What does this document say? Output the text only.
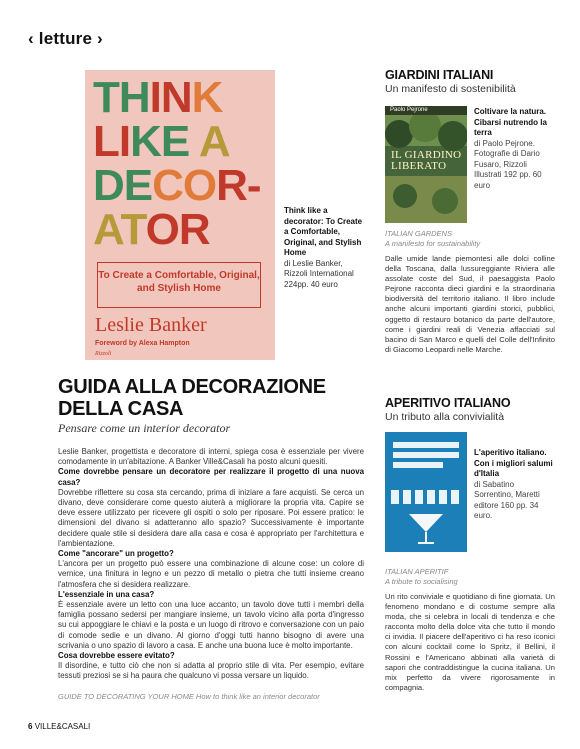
‹ letture ›
THINK
LIKE A
DECOR-
ATOR
To Create a Comfortable, Original, and Stylish Home
Leslie Banker
Foreword by Alexa Hampton
Rizzoli
Think like a decorator: To Create a Comfortable, Original, and Stylish Home
di Leslie Banker, Rizzoli International 224pp. 40 euro
GUIDA ALLA DECORAZIONE DELLA CASA
Pensare come un interior decorator

Leslie Banker, progettista e decoratore di interni, spiega cosa è essenziale per vivere comodamente in un'abitazione. A Banker Ville&Casali ha posto alcuni quesiti.

Come dovrebbe pensare un decoratore per realizzare il progetto di una nuova casa?

Dovrebbe riflettere su cosa sta cercando, prima di iniziare a fare acquisti. Se cerca un divano, deve considerare come questo aiuterà a migliorare la propria vita. Capire se deve essere utilizzato per ricevere gli ospiti o solo per riposare. Poi essere pratico: le dimensioni del divano si adatteranno allo spazio? Successivamente è importante decidere quale stile si desidera dare alla casa e cosa è appropriato per l'architettura e l'ambientazione.

Come "ancorare" un progetto?

L'ancora per un progetto può essere una combinazione di alcune cose: un colore di vernice, una finitura in legno e un pezzo di metallo o pietra che tutti insieme creano l'atmosfera che si desidera realizzare.

L'essenziale in una casa?

È essenziale avere un letto con una luce accanto, un tavolo dove tutti i membri della famiglia possano sedersi per mangiare insieme, un tavolo vicino alla porta d'ingresso su cui appoggiare le chiavi e la posta e un luogo di ritrovo e conversazione con un paio di comode sedie e un divano. Al giorno d'oggi tutti hanno bisogno di avere una scrivania o uno spazio di lavoro a casa. E anche una buona luce è molto importante.

Cosa dovrebbe essere evitato?

Il disordine, e tutto ciò che non si adatta al proprio stile di vita. Per esempio, evitare tessuti preziosi se si ha paura che qualcuno vi possa versare un liquido.

GUIDE TO DECORATING YOUR HOME How to think like an interior decorator
GIARDINI ITALIANI
Un manifesto di sostenibilità
Paolo Pejrone
IL GIARDINO LIBERATO
Coltivare la natura. Cibarsi nutrendo la terra
di Paolo Pejrone. Fotografie di Dario Fusaro, Rizzoli Illustrati 192 pp. 60 euro
ITALIAN GARDENS
A manifesto for sustainability
Dalle umide lande piemontesi alle dolci colline della Toscana, dalla lussureggiante Riviera alle assolate coste del Sud, il paesaggista Paolo Pejrone racconta dieci giardini e la straordinaria biodiversità del territorio italiano. Il libro include anche alcuni importanti giardini storici, pubblici, oggetto di restauro botanico da parte dell'autore, come i giardini reali di Venezia affacciati sul bacino di San Marco e quelli del Colle dell'Infinito di Giacomo Leopardi nelle Marche.
APERITIVO ITALIANO
Un tributo alla convivialità
L'aperitivo italiano. Con i migliori salumi d'Italia
di Sabatino Sorrentino, Maretti editore 160 pp. 34 euro.
ITALIAN APERITIF
A tribute to socialising
Un rito conviviale e quotidiano di fine giornata. Un fenomeno mondano e di costume sempre alla moda, che si celebra in locali di tendenza e che racconta molto della dolce vita che tutto il mondo ci invidia. Il piacere dell'aperitivo ci ha reso iconici con alcuni cocktail come lo Spritz, il Bellini, il Rossini e l'Americano abbinati alla varietà di sapori che contraddistingue la cucina italiana. Un mix perfetto da vivere rigorosamente in compagnia.
6 VILLE&CASALI
